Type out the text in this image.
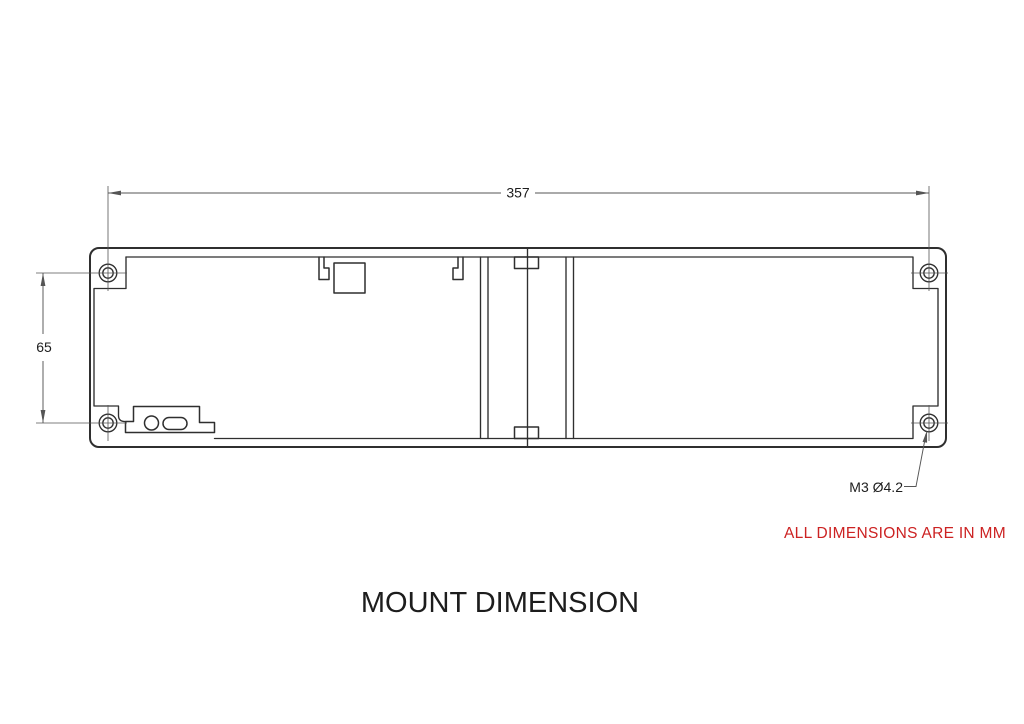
357
65
M3 Ø4.2
ALL DIMENSIONS ARE IN MM
MOUNT DIMENSION
